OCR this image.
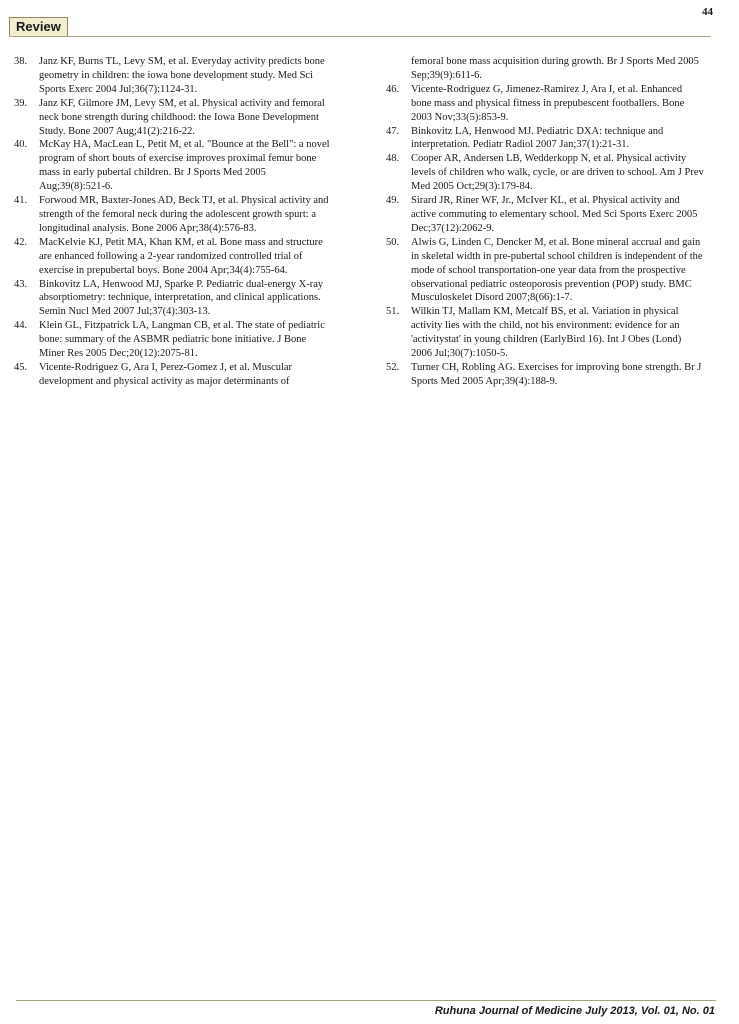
44
Review
38.	Janz KF, Burns TL, Levy SM, et al. Everyday activity predicts bone geometry in children: the iowa bone development study. Med Sci Sports Exerc 2004 Jul;36(7):1124-31.
39.	Janz KF, Gilmore JM, Levy SM, et al. Physical activity and femoral neck bone strength during childhood: the Iowa Bone Development Study. Bone 2007 Aug;41(2):216-22.
40.	McKay HA, MacLean L, Petit M, et al. "Bounce at the Bell": a novel program of short bouts of exercise improves proximal femur bone mass in early pubertal children. Br J Sports Med 2005 Aug;39(8):521-6.
41.	Forwood MR, Baxter-Jones AD, Beck TJ, et al. Physical activity and strength of the femoral neck during the adolescent growth spurt: a longitudinal analysis. Bone 2006 Apr;38(4):576-83.
42.	MacKelvie KJ, Petit MA, Khan KM, et al. Bone mass and structure are enhanced following a 2-year randomized controlled trial of exercise in prepubertal boys. Bone 2004 Apr;34(4):755-64.
43.	Binkovitz LA, Henwood MJ, Sparke P. Pediatric dual-energy X-ray absorptiometry: technique, interpretation, and clinical applications. Semin Nucl Med 2007 Jul;37(4):303-13.
44.	Klein GL, Fitzpatrick LA, Langman CB, et al. The state of pediatric bone: summary of the ASBMR pediatric bone initiative. J Bone Miner Res 2005 Dec;20(12):2075-81.
45.	Vicente-Rodriguez G, Ara I, Perez-Gomez J, et al. Muscular development and physical activity as major determinants of
femoral bone mass acquisition during growth. Br J Sports Med 2005 Sep;39(9):611-6.
46.	Vicente-Rodriguez G, Jimenez-Ramirez J, Ara I, et al. Enhanced bone mass and physical fitness in prepubescent footballers. Bone 2003 Nov;33(5):853-9.
47.	Binkovitz LA, Henwood MJ. Pediatric DXA: technique and interpretation. Pediatr Radiol 2007 Jan;37(1):21-31.
48.	Cooper AR, Andersen LB, Wedderkopp N, et al. Physical activity levels of children who walk, cycle, or are driven to school. Am J Prev Med 2005 Oct;29(3):179-84.
49.	Sirard JR, Riner WF, Jr., McIver KL, et al. Physical activity and active commuting to elementary school. Med Sci Sports Exerc 2005 Dec;37(12):2062-9.
50.	Alwis G, Linden C, Dencker M, et al. Bone mineral accrual and gain in skeletal width in pre-pubertal school children is independent of the mode of school transportation-one year data from the prospective observational pediatric osteoporosis prevention (POP) study. BMC Musculoskelet Disord 2007;8(66):1-7.
51.	Wilkin TJ, Mallam KM, Metcalf BS, et al. Variation in physical activity lies with the child, not his environment: evidence for an 'activitystat' in young children (EarlyBird 16). Int J Obes (Lond) 2006 Jul;30(7):1050-5.
52.	Turner CH, Robling AG. Exercises for improving bone strength. Br J Sports Med 2005 Apr;39(4):188-9.
Ruhuna Journal of Medicine July 2013, Vol. 01, No. 01
